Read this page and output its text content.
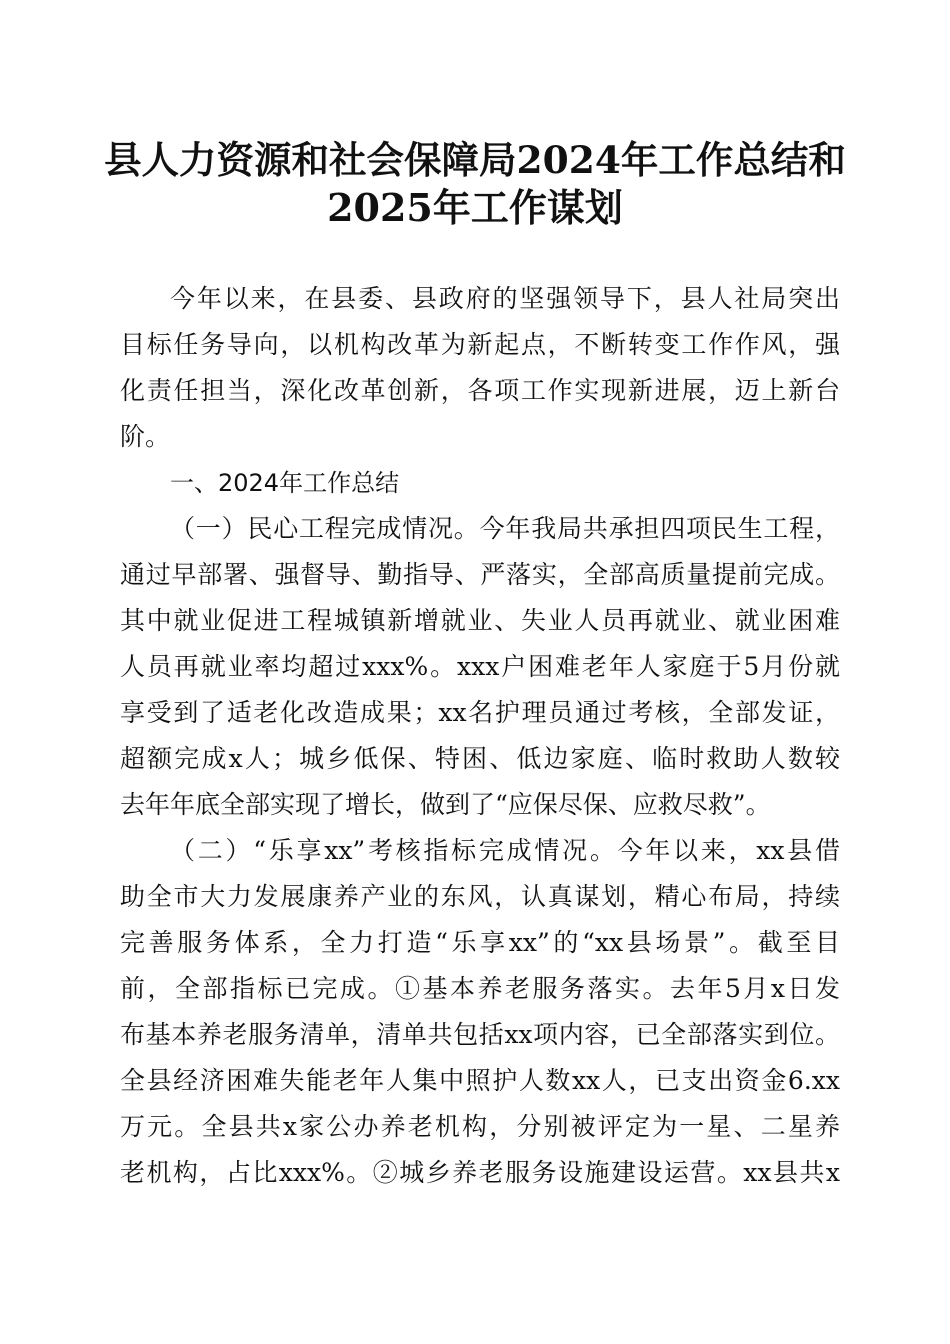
县人力资源和社会保障局2024年工作总结和
2025年工作谋划
今年以来，在县委、县政府的坚强领导下，县人社局突出
目标任务导向，以机构改革为新起点，不断转变工作作风，强
化责任担当，深化改革创新，各项工作实现新进展，迈上新台
阶。
一、2024年工作总结
（一）民心工程完成情况。今年我局共承担四项民生工程，
通过早部署、强督导、勤指导、严落实，全部高质量提前完成。
其中就业促进工程城镇新增就业、失业人员再就业、就业困难
人员再就业率均超过xxx%。xxx户困难老年人家庭于5月份就
享受到了适老化改造成果；xx名护理员通过考核，全部发证，
超额完成x人；城乡低保、特困、低边家庭、临时救助人数较
去年年底全部实现了增长，做到了“应保尽保、应救尽救”。
（二）“乐享xx”考核指标完成情况。今年以来，xx县借
助全市大力发展康养产业的东风，认真谋划，精心布局，持续
完善服务体系，全力打造“乐享xx”的“xx县场景”。截至目
前，全部指标已完成。①基本养老服务落实。去年5月x日发
布基本养老服务清单，清单共包括xx项内容，已全部落实到位。
全县经济困难失能老年人集中照护人数xx人，已支出资金6.xx
万元。全县共x家公办养老机构，分别被评定为一星、二星养
老机构，占比xxx%。②城乡养老服务设施建设运营。xx县共x
